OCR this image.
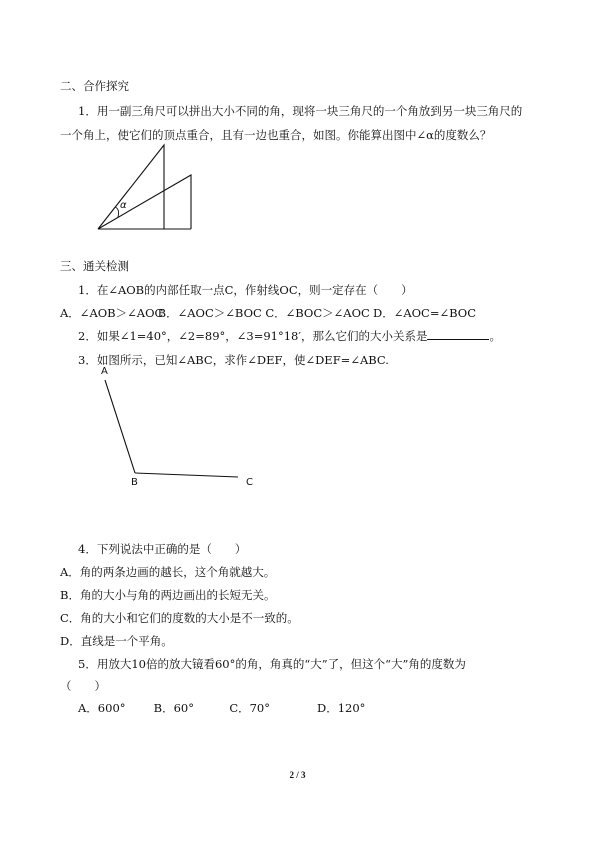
二、合作探究
1．用一副三角尺可以拼出大小不同的角，现将一块三角尺的一个角放到另一块三角尺的
一个角上，使它们的顶点重合，且有一边也重合，如图。你能算出图中∠α的度数么？
α
三、通关检测
1．在∠AOB的内部任取一点C，作射线OC，则一定存在（　　）
A．∠AOB＞∠AOC B．∠AOC＞∠BOC C．∠BOC＞∠AOC D．∠AOC=∠BOC
2．如果∠1=40°，∠2=89°，∠3=91°18′，那么它们的大小关系是	。
3．如图所示，已知∠ABC，求作∠DEF，使∠DEF=∠ABC.
A
B	C
4．下列说法中正确的是（　　）
A．角的两条边画的越长，这个角就越大。
B．角的大小与角的两边画出的长短无关。
C．角的大小和它们的度数的大小是不一致的。
D．直线是一个平角。
5．用放大10倍的放大镜看60°的角，角真的“大”了，但这个“大”角的度数为
（　　）
A．600° B．60°	C．70°	D．120°
2 / 3
